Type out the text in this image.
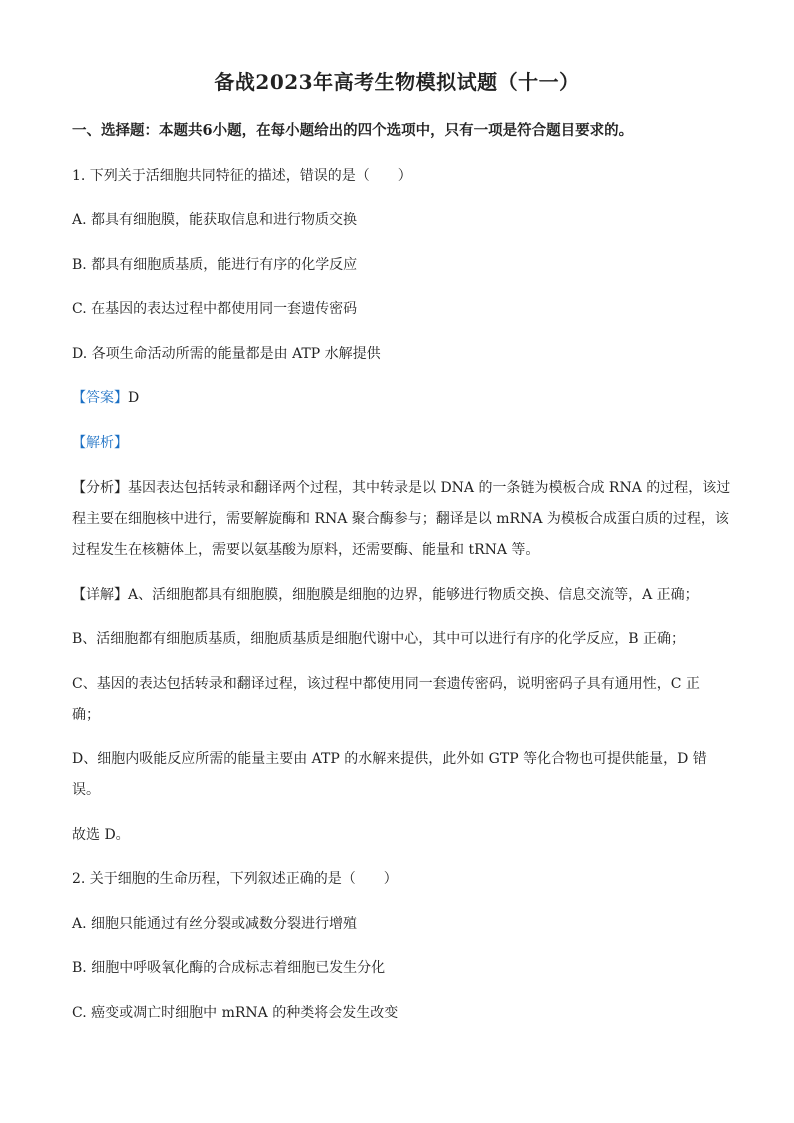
备战2023年高考生物模拟试题（十一）
一、选择题：本题共6小题，在每小题给出的四个选项中，只有一项是符合题目要求的。
1. 下列关于活细胞共同特征的描述，错误的是（　　）
A. 都具有细胞膜，能获取信息和进行物质交换
B. 都具有细胞质基质，能进行有序的化学反应
C. 在基因的表达过程中都使用同一套遗传密码
D. 各项生命活动所需的能量都是由 ATP 水解提供
【答案】D
【解析】
【分析】基因表达包括转录和翻译两个过程，其中转录是以 DNA 的一条链为模板合成 RNA 的过程，该过
程主要在细胞核中进行，需要解旋酶和 RNA 聚合酶参与；翻译是以 mRNA 为模板合成蛋白质的过程，该
过程发生在核糖体上，需要以氨基酸为原料，还需要酶、能量和 tRNA 等。
【详解】A、活细胞都具有细胞膜，细胞膜是细胞的边界，能够进行物质交换、信息交流等，A 正确；
B、活细胞都有细胞质基质，细胞质基质是细胞代谢中心，其中可以进行有序的化学反应，B 正确；
C、基因的表达包括转录和翻译过程，该过程中都使用同一套遗传密码，说明密码子具有通用性，C 正
确；
D、细胞内吸能反应所需的能量主要由 ATP 的水解来提供，此外如 GTP 等化合物也可提供能量，D 错
误。
故选 D。
2. 关于细胞的生命历程，下列叙述正确的是（　　）
A. 细胞只能通过有丝分裂或减数分裂进行增殖
B. 细胞中呼吸氧化酶的合成标志着细胞已发生分化
C. 癌变或凋亡时细胞中 mRNA 的种类将会发生改变
